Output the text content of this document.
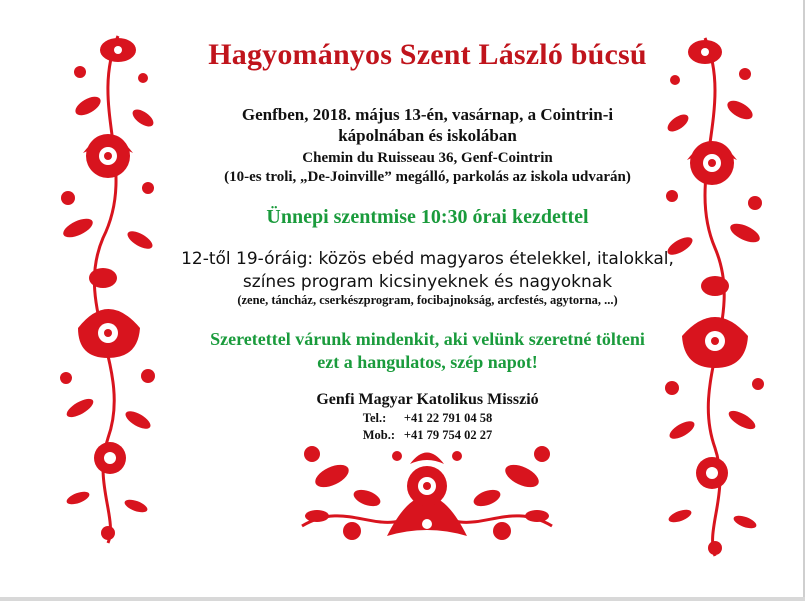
Hagyományos Szent László búcsú
Genfben, 2018. május 13-én, vasárnap, a Cointrin-i
kápolnában és iskolában
Chemin du Ruisseau 36, Genf-Cointrin
(10-es troli, „De-Joinville” megálló, parkolás az iskola udvarán)
Ünnepi szentmise 10:30 órai kezdettel
12-től 19-óráig: közös ebéd magyaros ételekkel, italokkal,
színes program kicsinyeknek és nagyoknak
(zene, táncház, cserkészprogram, focibajnokság, arcfestés, agytorna, ...)
Szeretettel várunk mindenkit, aki velünk szeretné tölteni
ezt a hangulatos, szép napot!
Genfi Magyar Katolikus Misszió
Tel.: +41 22 791 04 58
Mob.: +41 79 754 02 27
